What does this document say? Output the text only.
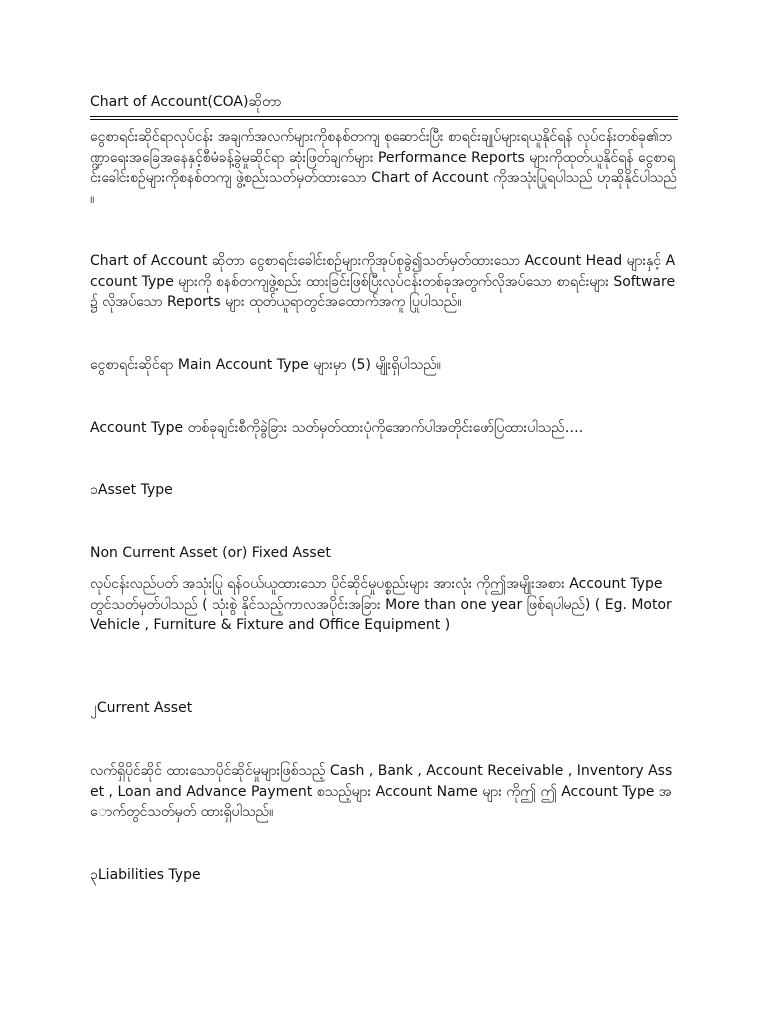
Chart of Account(COA)ဆိုတာ

ငွေစာရင်းဆိုင်ရာလုပ်ငန်း အချက်အလက်များကိုစနစ်တကျ စုဆောင်းပြီး စာရင်းချုပ်များရယူနိုင်ရန် လုပ်ငန်းတစ်ခု၏ဘဏ္ဍာရေးအခြေအနေနှင့်စီမံခန့်ခွဲမှုဆိုင်ရာ ဆုံးဖြတ်ချက်များ Performance Reports များကိုထုတ်ယူနိုင်ရန် ငွေစာရင်းခေါင်းစဉ်များကိုစနစ်တကျ ဖွဲ့စည်းသတ်မှတ်ထားသော Chart of Account ကိုအသုံးပြုရပါသည် ဟုဆိုနိုင်ပါသည်။

Chart of Account ဆိုတာ ငွေစာရင်းခေါင်းစဉ်များကိုအုပ်စုခွဲ၍သတ်မှတ်ထားသော Account Head များနှင့် Account Type များကို စနစ်တကျဖွဲ့စည်း ထားခြင်းဖြစ်ပြီးလုပ်ငန်းတစ်ခုအတွက်လိုအပ်သော စာရင်းများ Software ၌ လိုအပ်သော Reports များ ထုတ်ယူရာတွင်အထောက်အကူ ပြုပါသည်။

ငွေစာရင်းဆိုင်ရာ Main Account Type များမှာ (5) မျိုးရှိပါသည်။

Account Type တစ်ခုချင်းစီကိုခွဲခြား သတ်မှတ်ထားပုံကိုအောက်ပါအတိုင်းဖော်ပြထားပါသည်….

၁Asset Type

Non Current Asset (or) Fixed Asset

လုပ်ငန်းလည်ပတ် အသုံးပြု ရန်ဝယ်ယူထားသော ပိုင်ဆိုင်မှုပစ္စည်းများ အားလုံး ကိုဤအမျိုးအစား Account Type တွင်သတ်မှတ်ပါသည် ( သုံးစွဲ နိုင်သည့်ကာလအပိုင်းအခြား More than one year ဖြစ်ရပါမည်) ( Eg. Motor Vehicle , Furniture & Fixture and Office Equipment )

၂Current Asset

လက်ရှိပိုင်ဆိုင် ထားသောပိုင်ဆိုင်မှုများဖြစ်သည့် Cash , Bank , Account Receivable , Inventory Asset , Loan and Advance Payment စသည့်များ Account Name များ ကိုဤ ဤ Account Type အောက်တွင်သတ်မှတ် ထားရှိပါသည်။

၃Liabilities Type
